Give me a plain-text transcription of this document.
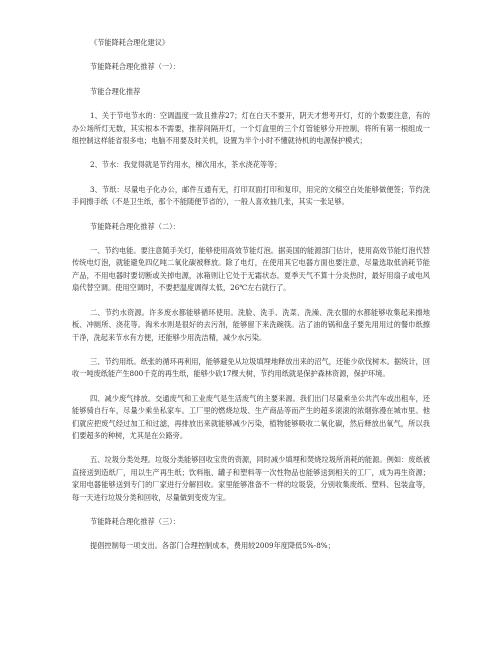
《节能降耗合理化建议》

节能降耗合理化推荐（一）：

节能合理化推荐

1、关于节电节水的：空调温度一致且推荐27；灯在白天不要开，阴天才想考开灯，灯的个数要注意，有的办公场所灯无数，其实根本不需要，推荐间隔开灯，一个灯盒里的三个灯管能够分开控制，将所有第一根组成一组控制这样能省很多电；电脑不用要及时关机，设置为半个小时不懂就待机的电源保护模式；

2、节水：我觉得就是节约用水，梯次用水，茶水浇花等等；

3、节纸：尽量电子化办公，邮件互通有无，打印双面打印和复印，用完的文稿空白处能够做便签；节约洗手间擦手纸（不是卫生纸，那个不能随便节省的），一般人喜欢抽几张，其实一张足够。

节能降耗合理化推荐（二）：

一、节约电能。要注意随手关灯，能够使用高效节能灯泡。据美国的能源部门估计，使用高效节能灯泡代替传统电灯泡，就能避免四亿吨二氧化碳被释放。除了电灯，在使用其它电器方面也要注意，尽量选取低消耗节能产品，不用电器时要切断或关掉电源，冰箱则让它处于无霜状态。夏季天气不算十分炎热时，最好用扇子或电风扇代替空调。使用空调时，不要把温度调得太低，26℃左右就行了。

二、节约水资源。许多废水都能够循环使用。洗脸、洗手、洗菜、洗澡、洗衣服的水都能够收集起来擦地板、冲厕所、浇花等。淘米水则是很好的去污剂，能够留下来洗碗筷。沾了油的锅和盘子要先用用过的餐巾纸擦干净，洗起来节水有方便，还能够少用洗洁精，减少水污染。

三、节约用纸。纸张的循环再利用，能够避免从垃圾填埋地释放出来的沼气，还能少砍伐树木。据统计，回收一吨废纸能产生800千克的再生纸，能够少砍17棵大树，节约用纸就是保护森林资源，保护环境。

四、减少废气排放。交通废气和工业废气是生活废气的主要来源。我们出门尽量乘坐公共汽车或出租车，还能够骑自行车，尽量少乘坐私家车。工厂里的燃烧垃圾、生产商品等而产生的超多滚滚的浓烟弥漫在城市里。他们就应把废气经过加工和过滤，再排放出来就能够减少污染，植物能够吸收二氧化碳，然后释放出氧气，所以我们要超多的种树，尤其是在公路旁。

五、垃圾分类处理。垃圾分类能够回收宝贵的资源，同时减少填埋和焚烧垃圾所消耗的能源。例如：废纸被直接送到造纸厂，用以生产再生纸；饮料瓶、罐子和塑料等一次性物品也能够送到相关的工厂，成为再生资源；家用电器能够送到专门的厂家进行分解回收。家里能够准备不一样的垃圾袋，分别收集废纸、塑料、包装盒等，每一天进行垃圾分类和回收，尽量做到变废为宝。

节能降耗合理化推荐（三）：

提倡控制每一项支出。各部门合理控制成本，费用较2009年度降低5%-8%；
